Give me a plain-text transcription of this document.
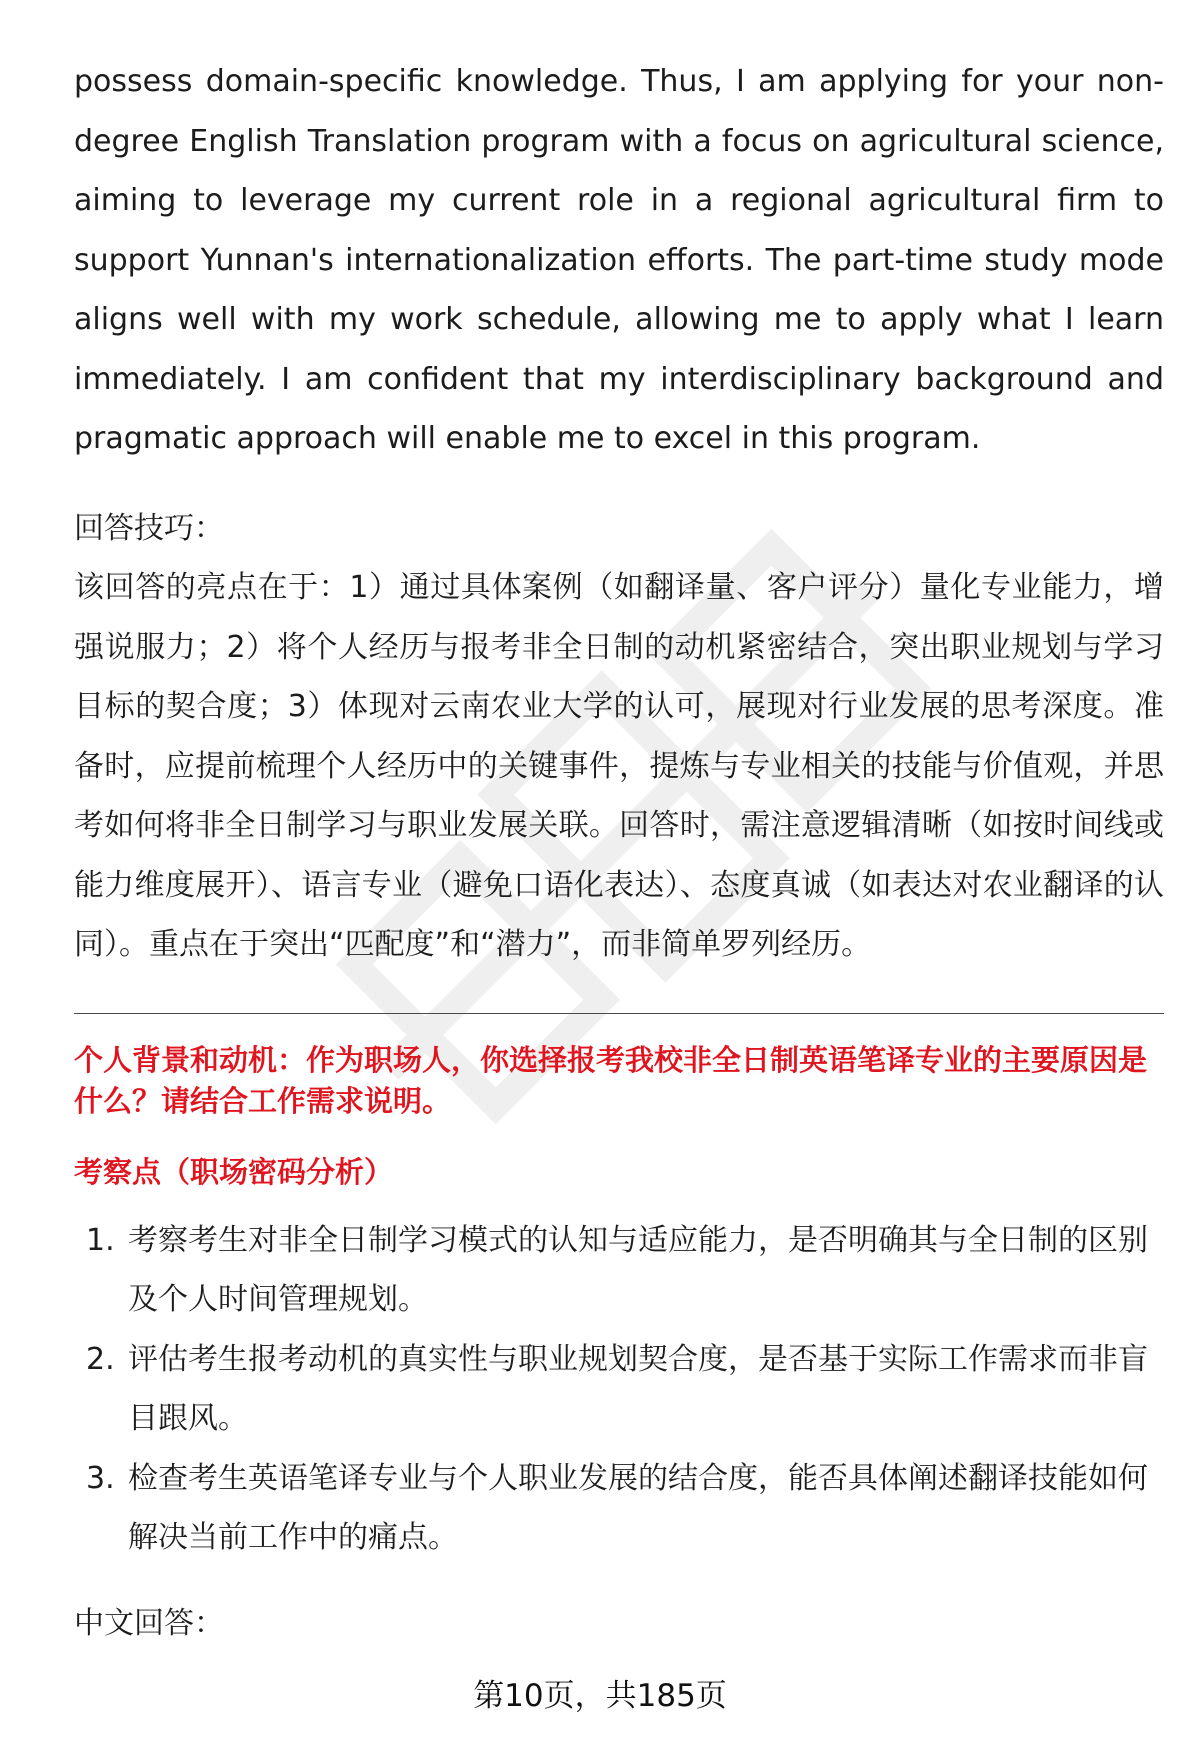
possess domain-specific knowledge. Thus, I am applying for your non-degree English Translation program with a focus on agricultural science, aiming to leverage my current role in a regional agricultural firm to support Yunnan's internationalization efforts. The part-time study mode aligns well with my work schedule, allowing me to apply what I learn immediately. I am confident that my interdisciplinary background and pragmatic approach will enable me to excel in this program.

回答技巧：

该回答的亮点在于：1）通过具体案例（如翻译量、客户评分）量化专业能力，增强说服力；2）将个人经历与报考非全日制的动机紧密结合，突出职业规划与学习目标的契合度；3）体现对云南农业大学的认可，展现对行业发展的思考深度。准备时，应提前梳理个人经历中的关键事件，提炼与专业相关的技能与价值观，并思考如何将非全日制学习与职业发展关联。回答时，需注意逻辑清晰（如按时间线或能力维度展开）、语言专业（避免口语化表达）、态度真诚（如表达对农业翻译的认同）。重点在于突出“匹配度”和“潜力”，而非简单罗列经历。

个人背景和动机：作为职场人，你选择报考我校非全日制英语笔译专业的主要原因是什么？请结合工作需求说明。

考察点（职场密码分析）

1. 考察考生对非全日制学习模式的认知与适应能力，是否明确其与全日制的区别及个人时间管理规划。
2. 评估考生报考动机的真实性与职业规划契合度，是否基于实际工作需求而非盲目跟风。
3. 检查考生英语笔译专业与个人职业发展的结合度，能否具体阐述翻译技能如何解决当前工作中的痛点。

中文回答：

第10页，共185页
